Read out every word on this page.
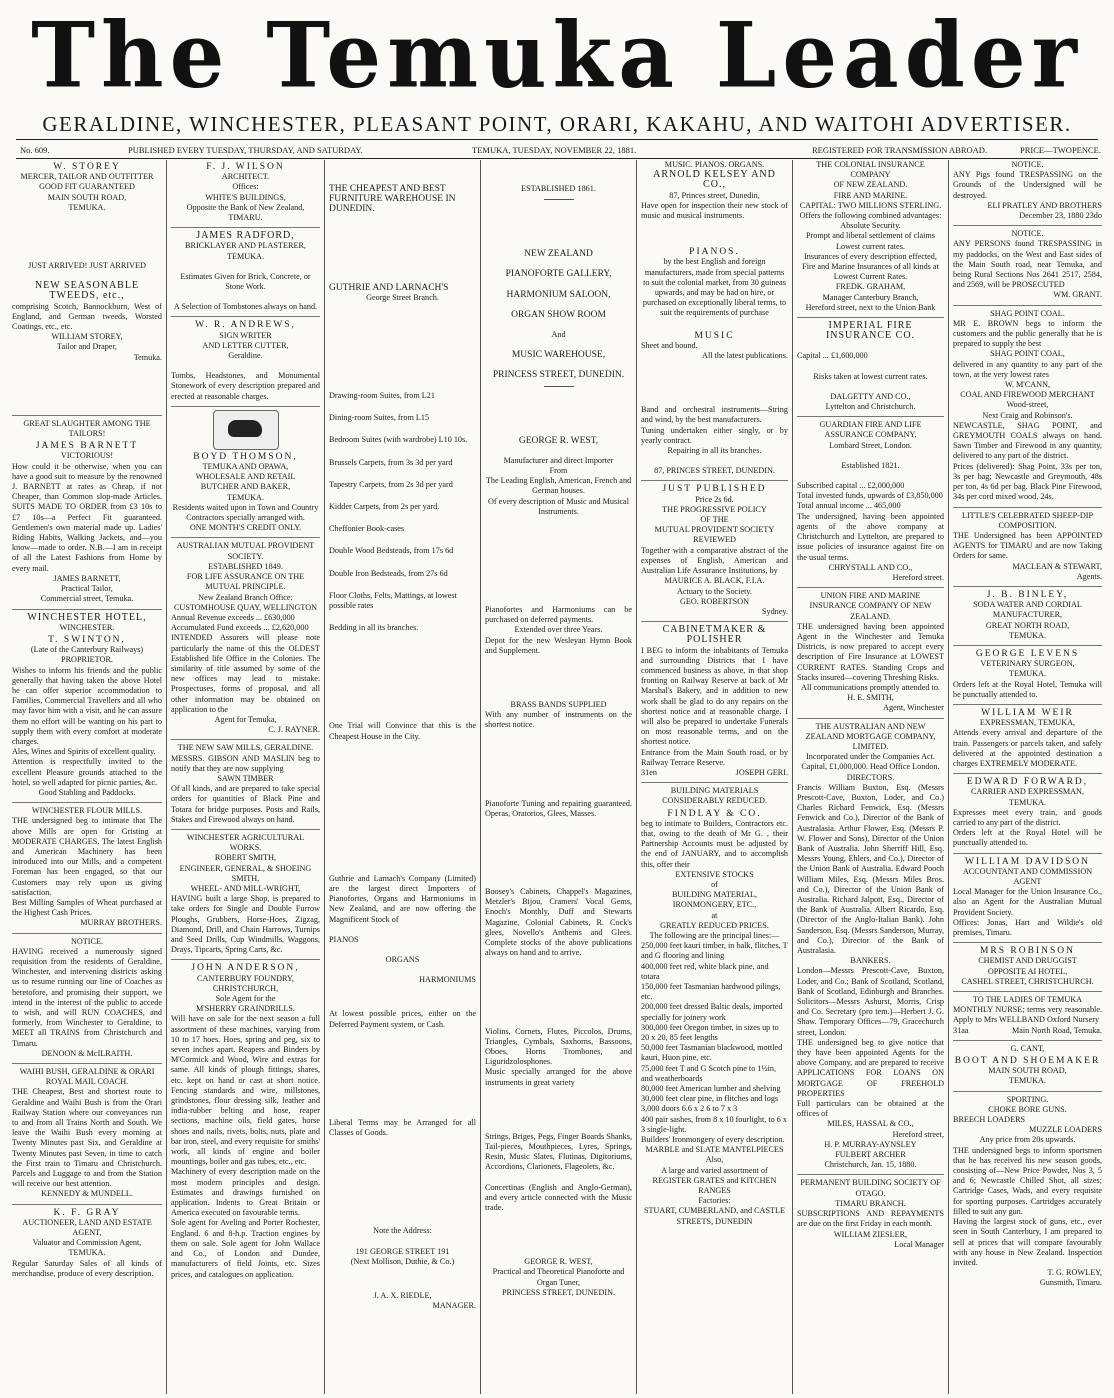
The Temuka Leader
GERALDINE, WINCHESTER, PLEASANT POINT, ORARI, KAKAHU, AND WAITOHI ADVERTISER.
No. 609.	PUBLISHED EVERY TUESDAY, THURSDAY, AND SATURDAY.	TEMUKA, TUESDAY, NOVEMBER 22, 1881.	REGISTERED FOR TRANSMISSION ABROAD.	PRICE—TWOPENCE.

W. STOREY

MERCER, TAILOR AND OUTFITTER

GOOD FIT GUARANTEED

MAIN SOUTH ROAD,

TEMUKA.

JUST ARRIVED! JUST ARRIVED

NEW SEASONABLE TWEEDS, etc.,

comprising Scotch, Bannockburn, West of England, and German tweeds, Worsted Coatings, etc., etc.

WILLIAM STOREY,

Tailor and Draper,

Temuka.

GREAT SLAUGHTER AMONG THE TAILORS!

JAMES BARNETT

VICTORIOUS!

How could it be otherwise, when you can have a good suit to measure by the renowned J. BARNETT at rates as Cheap, if not Cheaper, than Common slop-made Articles. SUITS MADE TO ORDER from £3 10s to £7 10s—a Perfect Fit guaranteed. Gentlemen's own material made up. Ladies' Riding Habits, Walking Jackets, and—you know—made to order. N.B.—I am in receipt of all the Latest Fashions from Home by every mail.

JAMES BARNETT,

Practical Tailor,

Commercial street, Temuka.

WINCHESTER HOTEL,

WINCHESTER.

T. SWINTON,

(Late of the Canterbury Railways) PROPRIETOR.

Wishes to inform his friends and the public generally that having taken the above Hotel he can offer superior accommodation to Families, Commercial Travellers and all who may favor him with a visit, and he can assure them no effort will be wanting on his part to supply them with every comfort at moderate charges.

Ales, Wines and Spirits of excellent quality.

Attention is respectfully invited to the excellent Pleasure grounds attached to the hotel, so well adapted for picnic parties, &c.

Good Stabling and Paddocks.

WINCHESTER FLOUR MILLS.

THE undersigned beg to intimate that The above Mills are open for Gristing at MODERATE CHARGES. The latest English and American Machinery has been introduced into our Mills, and a competent Foreman has been engaged, so that our Customers may rely upon us giving satisfaction.

Best Milling Samples of Wheat purchased at the Highest Cash Prices.

MURRAY BROTHERS.

NOTICE.

HAVING received a numerously signed requisition from the residents of Geraldine, Winchester, and intervening districts asking us to resume running our line of Coaches as heretofore, and promising their support, we intend in the interest of the public to accede to wish, and will RUN COACHES, and formerly, from Winchester to Geraldine, to MEET all TRAINS from Christchurch and Timaru.

DENOON & McILRAITH.

WAIHI BUSH, GERALDINE & ORARI ROYAL MAIL COACH.

THE Cheapest, Best and shortest route to Geraldine and Waihi Bush is from the Orari Railway Station where our conveyances run to and from all Trains North and South. We leave the Waihi Bush every morning at Twenty Minutes past Six, and Geraldine at Twenty Minutes past Seven, in time to catch the First train to Timaru and Christchurch. Parcels and Luggage to and from the Station will receive our best attention.

KENNEDY & MUNDELL.

K. F. GRAY

AUCTIONEER, LAND AND ESTATE AGENT,

Valuator and Commission Agent,

TEMUKA.

Regular Saturday Sales of all kinds of merchandise, produce of every description.

F. J. WILSON

ARCHITECT.

Offices:

WHITE'S BUILDINGS,

Opposite the Bank of New Zealand,

TIMARU.

JAMES RADFORD,

BRICKLAYER AND PLASTERER,

TEMUKA.

Estimates Given for Brick, Concrete, or Stone Work.

A Selection of Tombstones always on hand.

W. R. ANDREWS,

SIGN WRITER

AND LETTER CUTTER,

Geraldine.

Tombs, Headstones, and Monumental Stonework of every description prepared and erected at reasonable charges.

BOYD THOMSON,

TEMUKA AND OPAWA,

WHOLESALE AND RETAIL

BUTCHER AND BAKER,

TEMUKA.

Residents waited upon in Town and Country

Contractors specially arranged with.

ONE MONTH'S CREDIT ONLY.

AUSTRALIAN MUTUAL PROVIDENT SOCIETY.

ESTABLISHED 1849.

FOR LIFE ASSURANCE ON THE MUTUAL PRINCIPLE.

New Zealand Branch Office:

CUSTOMHOUSE QUAY, WELLINGTON

Annual Revenue exceeds ... £630,000

Accumulated Fund exceeds ... £2,620,000

INTENDED Assurers will please note particularly the name of this the OLDEST Established life Office in the Colonies. The similarity of title assumed by some of the new offices may lead to mistake. Prospectuses, forms of proposal, and all other information may be obtained on application to the

Agent for Temuka,

C. J. RAYNER.

THE NEW SAW MILLS, GERALDINE.

MESSRS. GIBSON AND MASLIN beg to notify that they are now supplying

SAWN TIMBER

Of all kinds, and are prepared to take special orders for quantities of Black Pine and Totara for bridge purposes. Posts and Rails, Stakes and Firewood always on hand.

WINCHESTER AGRICULTURAL WORKS.

ROBERT SMITH,

ENGINEER, GENERAL, & SHOEING SMITH,

WHEEL- AND MILL-WRIGHT,

HAVING built a large Shop, is prepared to take orders for Single and Double Furrow Ploughs, Grubbers, Horse-Hoes, Zigzag, Diamond, Drill, and Chain Harrows, Turnips and Seed Drills, Cup Windmills, Waggons, Drays, Tipcarts, Spring Carts, &c.

JOHN ANDERSON,

CANTERBURY FOUNDRY,

CHRISTCHURCH,

Sole Agent for the

M'SHERRY GRAINDRILLS.

Will have on sale for the next season a full assortment of these machines, varying from 10 to 17 hoes. Hoes, spring and peg, six to seven inches apart. Reapers and Binders by M'Cormick and Wood, Wire and extras for same. All kinds of plough fittings, shares, etc. kept on hand or cast at short notice. Fencing standards and wire, millstones, grindstones, flour dressing silk, leather and india-rubber belting and hose, reaper sections, machine oils, field gates, horse shoes and nails, rivets, bolts, nuts, plate and bar iron, steel, and every requisite for smiths' work, all kinds of engine and boiler mountings, boiler and gas tubes, etc., etc.

Machinery of every description made on the most modern principles and design. Estimates and drawings furnished on application. Indents to Great Britain or America executed on favourable terms.

Sole agent for Aveling and Porter Rochester, England. 6 and 8-h.p. Traction engines by them on sale. Sole agent for John Wallace and Co., of London and Dundee, manufacturers of field Joints, etc. Sizes prices, and catalogues on application.

THE CHEAPEST AND BEST FURNITURE WAREHOUSE IN DUNEDIN.

GUTHRIE AND LARNACH'S

George Street Branch.

Drawing-room Suites, from L21

Dining-room Suites, from L15

Bedroom Suites (with wardrobe) L10 10s.

Brussels Carpets, from 3s 3d per yard

Tapestry Carpets, from 2s 3d per yard

Kidder Carpets, from 2s per yard.

Cheffonier Book-cases

Double Wood Bedsteads, from 17s 6d

Double Iron Bedsteads, from 27s 6d

Floor Cloths, Felts, Mattings, at lowest possible rates

Bedding in all its branches.

One Trial will Convince that this is the Cheapest House in the City.

Guthrie and Larnach's Company (Limited) are the largest direct Importers of Pianofortes, Organs and Harmoniums in New Zealand, and are now offering the Magnificent Stock of

PIANOS

ORGANS

HARMONIUMS

At lowest possible prices, either on the Deferred Payment system, or Cash.

Liberal Terms may be Arranged for all Classes of Goods.

Note the Address:

191 GEORGE STREET 191

(Next Mollison, Duthie, & Co.)

J. A. X. RIEDLE,

MANAGER.

ESTABLISHED 1861.

NEW ZEALAND

PIANOFORTE GALLERY,

HARMONIUM SALOON,

ORGAN SHOW ROOM

And

MUSIC WAREHOUSE,

PRINCESS STREET, DUNEDIN.

GEORGE R. WEST,

Manufacturer and direct Importer

From

The Leading English, American, French and German houses.

Of every description of Music and Musical Instruments.

Pianofortes and Harmoniums can be purchased on deferred payments.

Extended over three Years.

Depot for the new Wesleyan Hymn Book and Supplement.

BRASS BANDS SUPPLIED

With any number of instruments on the shortest notice.

Pianoforte Tuning and repairing guaranteed. Operas, Oratorios, Glees, Masses.

Boosey's Cabinets, Chappel's Magazines, Metzler's Bijou, Cramers' Vocal Gems, Enoch's Monthly, Duff and Stewarts Magazine, Colonial Cabinets, R. Cock's glees, Novello's Anthems and Glees. Complete stocks of the above publications always on hand and to arrive.

Violins, Cornets, Flutes, Piccolos, Drums, Triangles, Cymbals, Saxhorns, Bassoons, Oboes, Horns Trombones, and Liguridzolosphones.

Music specially arranged for the above instruments in great variety

Strings, Briges, Pegs, Finger Boards Shanks, Tail-pieces, Mouthpieces, Lyres, Springs, Resin, Music Slates, Flutinas, Digitoriums, Accordions, Clarionets, Flageolets, &c.

Concertinas (English and Anglo-German), and every article connected with the Music trade.

GEORGE R. WEST,

Practical and Theoretical Pianoforte and Organ Tuner,

PRINCESS STREET, DUNEDIN.

MUSIC. PIANOS. ORGANS.

ARNOLD KELSEY AND CO.,

87, Princes street, Dunedin,

Have open for inspection their new stock of music and musical instruments.

PIANOS.

by the best English and foreign manufacturers, made from special patterns to suit the colonial market, from 30 guineas upwards, and may be had on hire, or purchased on exceptionally liberal terms, to suit the requirements of purchase

MUSIC

Sheet and bound.

All the latest publications.

Band and orchestral instruments—String and wind, by the best manufacturers.

Tuning undertaken either singly, or by yearly contract.

Repairing in all its branches.

87, PRINCES STREET, DUNEDIN.

JUST PUBLISHED

Price 2s 6d.

THE PROGRESSIVE POLICY

OF THE

MUTUAL PROVIDENT SOCIETY REVIEWED

Together with a comparative abstract of the expenses of English, American and Australian Life Assurance Institutions, by

MAURICE A. BLACK, F.I.A.

Actuary to the Society.

GEO. ROBERTSON

Sydney.

CABINETMAKER & POLISHER

I BEG to inform the inhabitants of Temuka and surrounding Districts that I have commenced business as above, in that shop fronting on Railway Reserve at back of Mr Marshal's Bakery, and in addition to new work shall be glad to do any repairs on the shortest notice and at reasonable charge. I will also be prepared to undertake Funerals on most reasonable terms, and on the shortest notice.

Entrance from the Main South road, or by Railway Terrace Reserve.

31en	JOSEPH GERI.

BUILDING MATERIALS CONSIDERABLY REDUCED.

FINDLAY & CO.

beg to intimate to Builders, Contractors etc. that, owing to the death of Mr G. , their Partnership Accounts must be adjusted by the end of JANUARY, and to accomplish this, offer their

EXTENSIVE STOCKS

of

BUILDING MATERIAL,

IRONMONGERY, ETC.,

at

GREATLY REDUCED PRICES.

The following are the principal lines:—

250,000 feet kauri timber, in balk, flitches, T and G flooring and lining

400,000 feet red, white black pine, and totara

150,000 feet Tasmanian hardwood pilings, etc.

200,000 feet dressed Baltic deals, imported specially for joinery work

300,000 feet Oregon timber, in sizes up to 20 x 20, 85 feet lengths

50,000 feet Tasmanian blackwood, mottled kauri, Huon pine, etc.

75,000 feet T and G Scotch pine to 1½in, and weatherboards

80,000 feet American lumber and shelving

30,000 feet clear pine, in flitches and logs

3,000 doors 6.6 x 2 6 to 7 x 3

400 pair sashes, from 8 x 10 fourlight, to 6 x 3 single-light.

Builders' Ironmongery of every description.

MARBLE and SLATE MANTELPIECES

Also,

A large and varied assortment of

REGISTER GRATES and KITCHEN RANGES

Factories:

STUART, CUMBERLAND, and CASTLE STREETS, DUNEDIN

THE COLONIAL INSURANCE COMPANY

OF NEW ZEALAND.

FIRE AND MARINE.

CAPITAL: TWO MILLIONS STERLING.

Offers the following combined advantages: Absolute Security.

Prompt and liberal settlement of claims Lowest current rates.

Insurances of every description effected, Fire and Marine Insurances of all kinds at Lowest Current Rates.

FREDK. GRAHAM,

Manager Canterbury Branch,

Hereford street, next to the Union Bank

IMPERIAL FIRE INSURANCE CO.

Capital ... £1,600,000

Risks taken at lowest current rates.

DALGETTY AND CO.,

Lyttelton and Christchurch.

GUARDIAN FIRE AND LIFE ASSURANCE COMPANY,

Lombard Street, London.

Established 1821.

Subscribed capital ... £2,000,000

Total invested funds, upwards of £3,850,000

Total annual income ... 465,000

The undersigned, having been appointed agents of the above company at Christchurch and Lyttelton, are prepared to issue policies of insurance against fire on the usual terms.

CHRYSTALL AND CO.,

Hereford street.

UNION FIRE AND MARINE INSURANCE COMPANY OF NEW ZEALAND.

THE undersigned having been appointed Agent in the Winchester and Temuka Districts, is now prepared to accept every description of Fire Insurance at LOWEST CURRENT RATES. Standing Crops and Stacks insured—covering Threshing Risks.

All communications promptly attended to.

H. E. SMITH,

Agent, Winchester

THE AUSTRALIAN AND NEW ZEALAND MORTGAGE COMPANY, LIMITED.

Incorporated under the Companies Act.

Capital, £1,000,000. Head Office London.

DIRECTORS.

Francis William Buxton, Esq. (Messrs Prescott-Cave, Buxton, Loder, and Co.) Charles Richard Fenwick, Esq. (Messrs Fenwick and Co.), Director of the Bank of Australasia. Arthur Flower, Esq. (Messrs P. W. Flower and Sons), Director of the Union Bank of Australia. John Sherriff Hill, Esq. Messrs Young, Ehlers, and Co.), Director of the Union Bank of Australia. Edward Pooch William Miles, Esq. (Messrs Miles Bros. and Co.), Director of the Union Bank of Australia. Richard Jalpott, Esq., Director of the Bank of Australia. Albert Ricardo, Esq. (Director of the Anglo-Italian Bank). John Sanderson, Esq. (Messrs Sanderson, Murray, and Co.), Director of the Bank of Australasia.

BANKERS.

London—Messrs Prescott-Cave, Buxton, Loder, and Co.; Bank of Scotland, Scotland, Bank of Scotland, Edinburgh and Branches. Solicitors—Messrs Ashurst, Morris, Crisp and Co. Secretary (pro tem.)—Herbert J. G. Shaw. Temporary Offices—79, Gracechurch street, London.

THE undersigned beg to give notice that they have been appointed Agents for the above Company, and are prepared to receive APPLICATIONS FOR LOANS ON MORTGAGE OF FREEHOLD PROPERTIES

Full particulars can be obtained at the offices of

MILES, HASSAL & CO.,

Hereford street,

H. P. MURRAY-AYNSLEY

FULBERT ARCHER

Christchurch, Jan. 15, 1880.

PERMANENT BUILDING SOCIETY OF OTAGO.

TIMARU BRANCH.

SUBSCRIPTIONS AND REPAYMENTS are due on the first Friday in each month.

WILLIAM ZIESLER,

Local Manager

NOTICE.

ANY Pigs found TRESPASSING on the Grounds of the Undersigned will be destroyed.

ELI PRATLEY AND BROTHERS

December 23, 1880 23do

NOTICE.

ANY PERSONS found TRESPASSING in my paddocks, on the West and East sides of the Main South road, near Temuka, and being Rural Sections Nos 2641 2517, 2584, and 2569, will be PROSECUTED

WM. GRANT.

SHAG POINT COAL.

MR E. BROWN begs to inform the customers and the public generally that he is prepared to supply the best

SHAG POINT COAL,

delivered in any quantity to any part of the town, at the very lowest rates

W. M'CANN,

COAL AND FIREWOOD MERCHANT

Wood-street,

Next Craig and Robinson's.

NEWCASTLE, SHAG POINT, and GREYMOUTH COALS always on hand. Sawn Timber and Firewood in any quantity, delivered to any part of the district.

Prices (delivered): Shag Point, 33s per ton, 3s per bag; Newcastle and Greymouth, 48s per ton, 4s 6d per bag. Black Pine Firewood, 34s per cord mixed wood, 24s.

LITTLE'S CELEBRATED SHEEP-DIP COMPOSITION.

THE Undersigned has been APPOINTED AGENTS for TIMARU and are now Taking Orders for same.

MACLEAN & STEWART,

Agents.

J. B. BINLEY,

SODA WATER AND CORDIAL

MANUFACTURER,

GREAT NORTH ROAD,

TEMUKA.

GEORGE LEVENS

VETERINARY SURGEON,

TEMUKA.

Orders left at the Royal Hotel, Temuka will be punctually attended to.

WILLIAM WEIR

EXPRESSMAN, TEMUKA,

Attends every arrival and departure of the train. Passengers or parcels taken, and safely delivered at the appointed destination a charges EXTREMELY MODERATE.

EDWARD FORWARD,

CARRIER AND EXPRESSMAN,

TEMUKA.

Expresses meet every train, and goods carried to any part of the district.

Orders left at the Royal Hotel will be punctually attended to.

WILLIAM DAVIDSON

ACCOUNTANT AND COMMISSION AGENT

Local Manager for the Union Insurance Co., also an Agent for the Australian Mutual Provident Society.

Offices: Jonas, Hart and Wildie's old premises, Timaru.

MRS ROBINSON

CHEMIST AND DRUGGIST

OPPOSITE AI HOTEL,

CASHEL STREET, CHRISTCHURCH.

TO THE LADIES OF TEMUKA

MONTHLY NURSE; terms very reasonable. Apply to Mrs WELLBAND Oxford Nursery

31aa	Main North Road, Temuka.

G. CANT,

BOOT AND SHOEMAKER

MAIN SOUTH ROAD,

TEMUKA.

SPORTING.

CHOKE BORE GUNS.

BREECH LOADERS

MUZZLE LOADERS

Any price from 20s upwards.

THE undersigned begs to inform sportsmen that he has received his new season goods, consisting of—New Price Powder, Nos 3, 5 and 6; Newcastle Chilled Shot, all sizes; Cartridge Cases, Wads, and every requisite for sporting purposes. Cartridges accurately filled to suit any gun.

Having the largest stock of guns, etc., ever seen in South Canterbury, I am prepared to sell at prices that will compare favourably with any house in New Zealand. Inspection invited.

T. G. ROWLEY,

Gunsmith, Timaru.
